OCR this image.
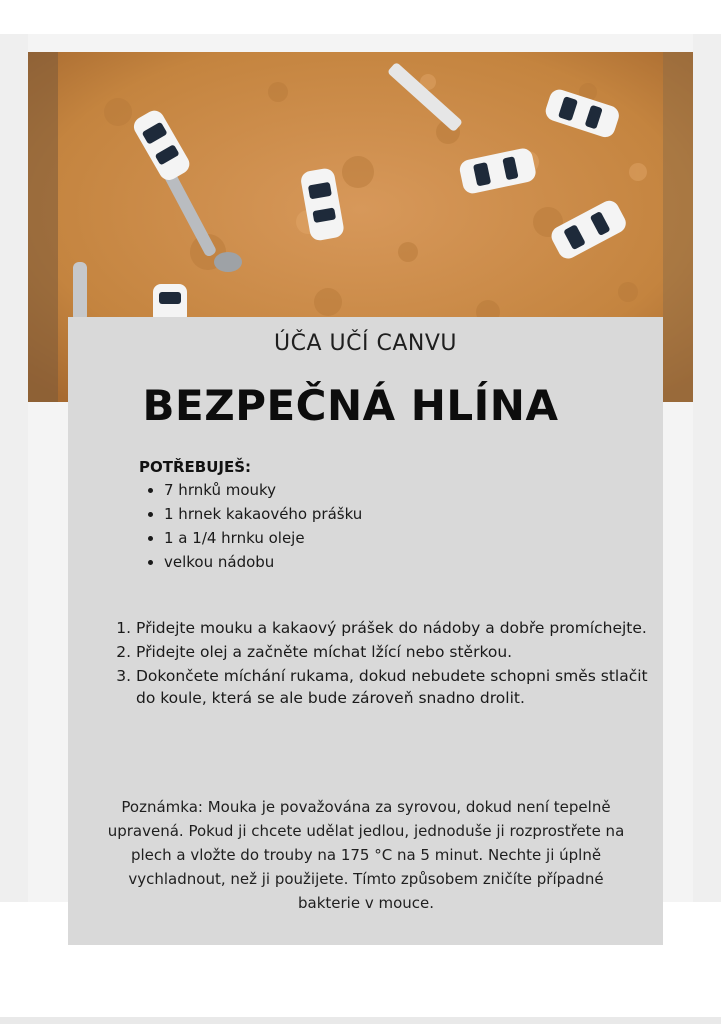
ÚČA UČÍ CANVU
BEZPEČNÁ HLÍNA
POTŘEBUJEŠ:
• 7 hrnků mouky
• 1 hrnek kakaového prášku
• 1 a 1/4 hrnku oleje
• velkou nádobu
1. Přidejte mouku a kakaový prášek do nádoby a dobře promíchejte.
2. Přidejte olej a začněte míchat lžící nebo stěrkou.
3. Dokončete míchání rukama, dokud nebudete schopni směs stlačit do koule, která se ale bude zároveň snadno drolit.
Poznámka: Mouka je považována za syrovou, dokud není tepelně upravená. Pokud ji chcete udělat jedlou, jednoduše ji rozprostřete na plech a vložte do trouby na 175 °C na 5 minut. Nechte ji úplně vychladnout, než ji použijete. Tímto způsobem zničíte případné bakterie v mouce.
